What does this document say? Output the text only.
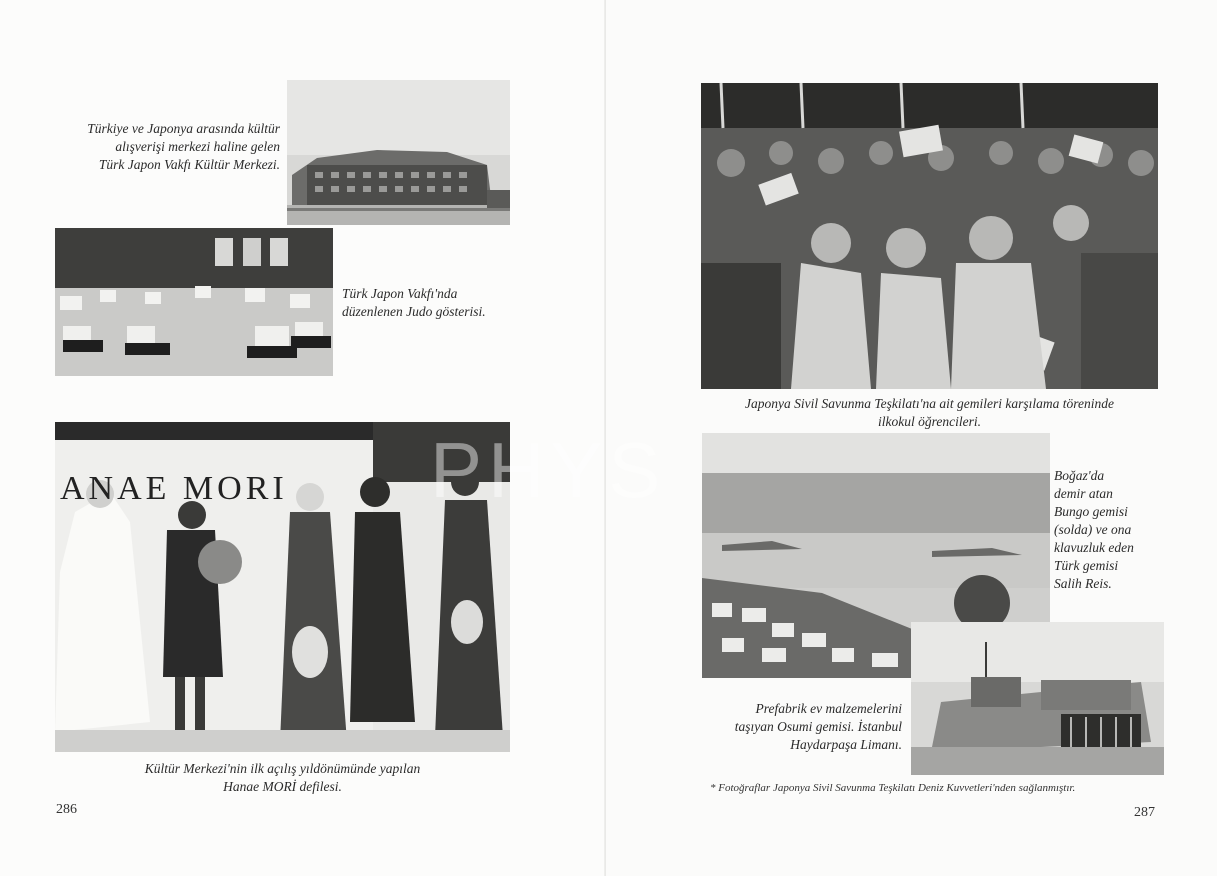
Türkiye ve Japonya arasında kültür
alışverişi merkezi haline gelen
Türk Japon Vakfı Kültür Merkezi.
Türk Japon Vakfı'nda
düzenlenen Judo gösterisi.
ANAE MORI
Kültür Merkezi'nin ilk açılış yıldönümünde yapılan
Hanae MORİ defilesi.
286
Japonya Sivil Savunma Teşkilatı'na ait gemileri karşılama töreninde
ilkokul öğrencileri.
Boğaz'da
demir atan
Bungo gemisi
(solda) ve ona
klavuzluk eden
Türk gemisi
Salih Reis.
Prefabrik ev malzemelerini
taşıyan Osumi gemisi. İstanbul
Haydarpaşa Limanı.
* Fotoğraflar Japonya Sivil Savunma Teşkilatı Deniz Kuvvetleri'nden sağlanmıştır.
287
PHYS
